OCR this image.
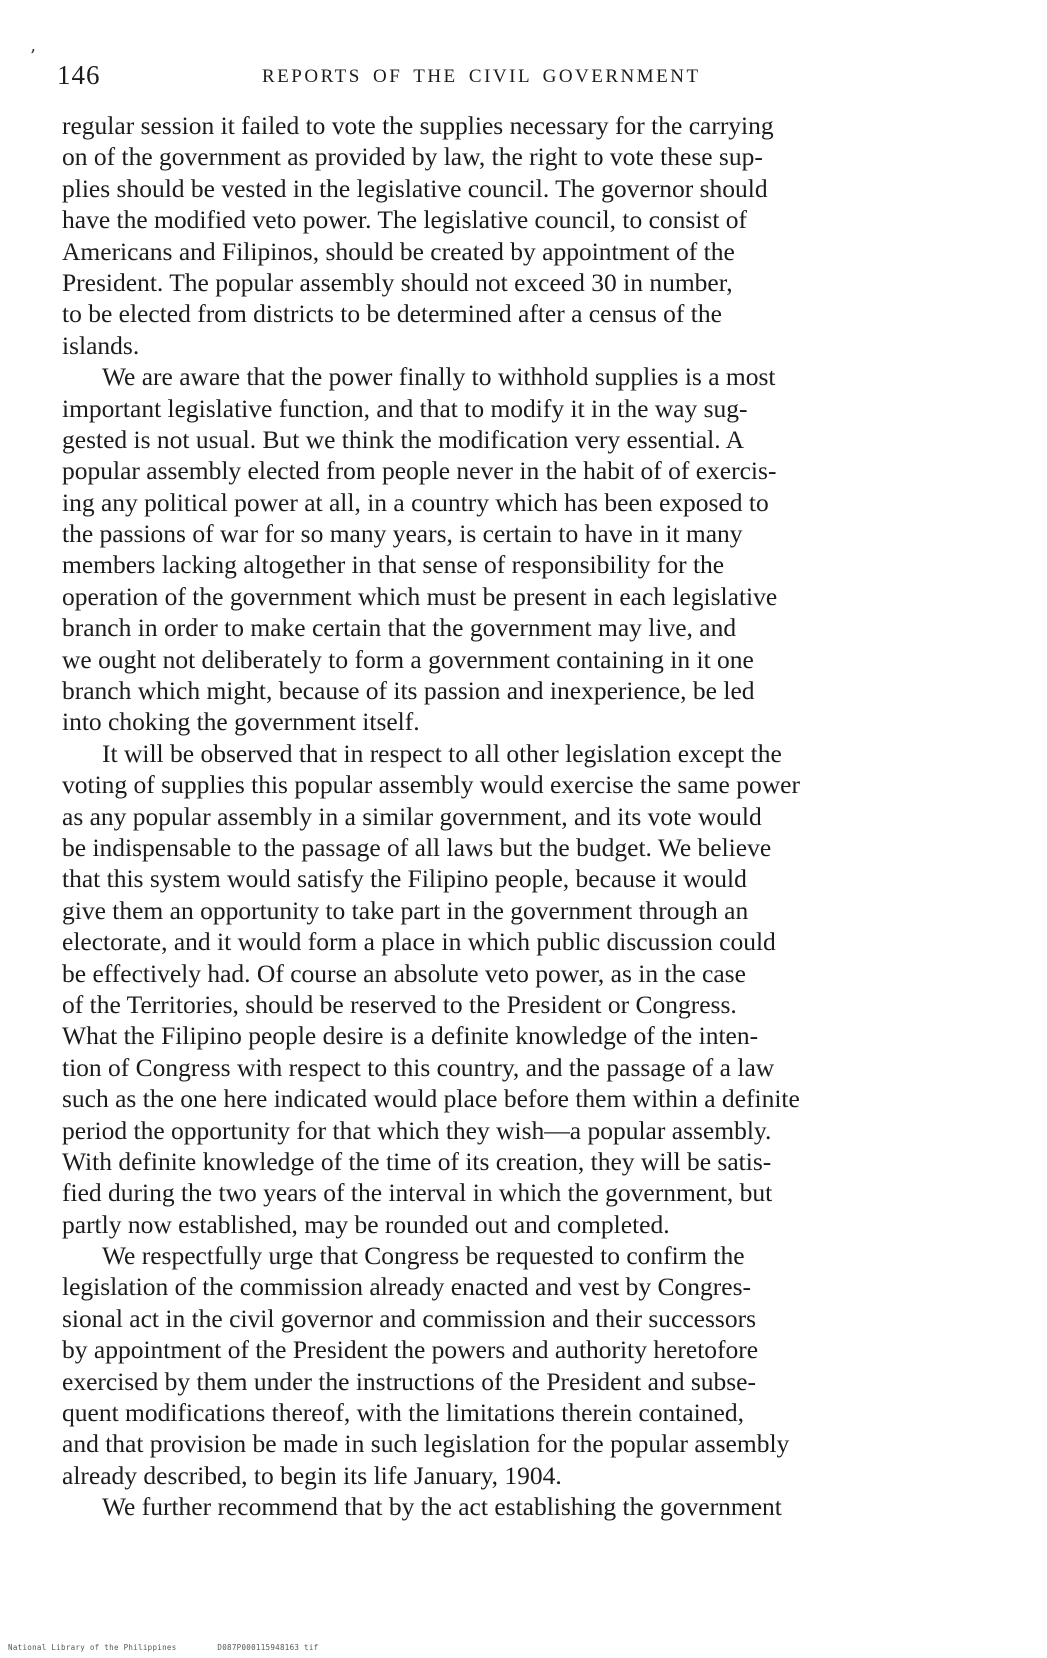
’
146	REPORTS OF THE CIVIL GOVERNMENT
regular session it failed to vote the supplies necessary for the carrying
on of the government as provided by law, the right to vote these sup-
plies should be vested in the legislative council. The governor should
have the modified veto power. The legislative council, to consist of
Americans and Filipinos, should be created by appointment of the
President. The popular assembly should not exceed 30 in number,
to be elected from districts to be determined after a census of the
islands.
We are aware that the power finally to withhold supplies is a most
important legislative function, and that to modify it in the way sug-
gested is not usual. But we think the modification very essential. A
popular assembly elected from people never in the habit of of exercis-
ing any political power at all, in a country which has been exposed to
the passions of war for so many years, is certain to have in it many
members lacking altogether in that sense of responsibility for the
operation of the government which must be present in each legislative
branch in order to make certain that the government may live, and
we ought not deliberately to form a government containing in it one
branch which might, because of its passion and inexperience, be led
into choking the government itself.
It will be observed that in respect to all other legislation except the
voting of supplies this popular assembly would exercise the same power
as any popular assembly in a similar government, and its vote would
be indispensable to the passage of all laws but the budget. We believe
that this system would satisfy the Filipino people, because it would
give them an opportunity to take part in the government through an
electorate, and it would form a place in which public discussion could
be effectively had. Of course an absolute veto power, as in the case
of the Territories, should be reserved to the President or Congress.
What the Filipino people desire is a definite knowledge of the inten-
tion of Congress with respect to this country, and the passage of a law
such as the one here indicated would place before them within a definite
period the opportunity for that which they wish—a popular assembly.
With definite knowledge of the time of its creation, they will be satis-
fied during the two years of the interval in which the government, but
partly now established, may be rounded out and completed.
We respectfully urge that Congress be requested to confirm the
legislation of the commission already enacted and vest by Congres-
sional act in the civil governor and commission and their successors
by appointment of the President the powers and authority heretofore
exercised by them under the instructions of the President and subse-
quent modifications thereof, with the limitations therein contained,
and that provision be made in such legislation for the popular assembly
already described, to begin its life January, 1904.
We further recommend that by the act establishing the government
National Library of the Philippines	D087P000115948163 tif
